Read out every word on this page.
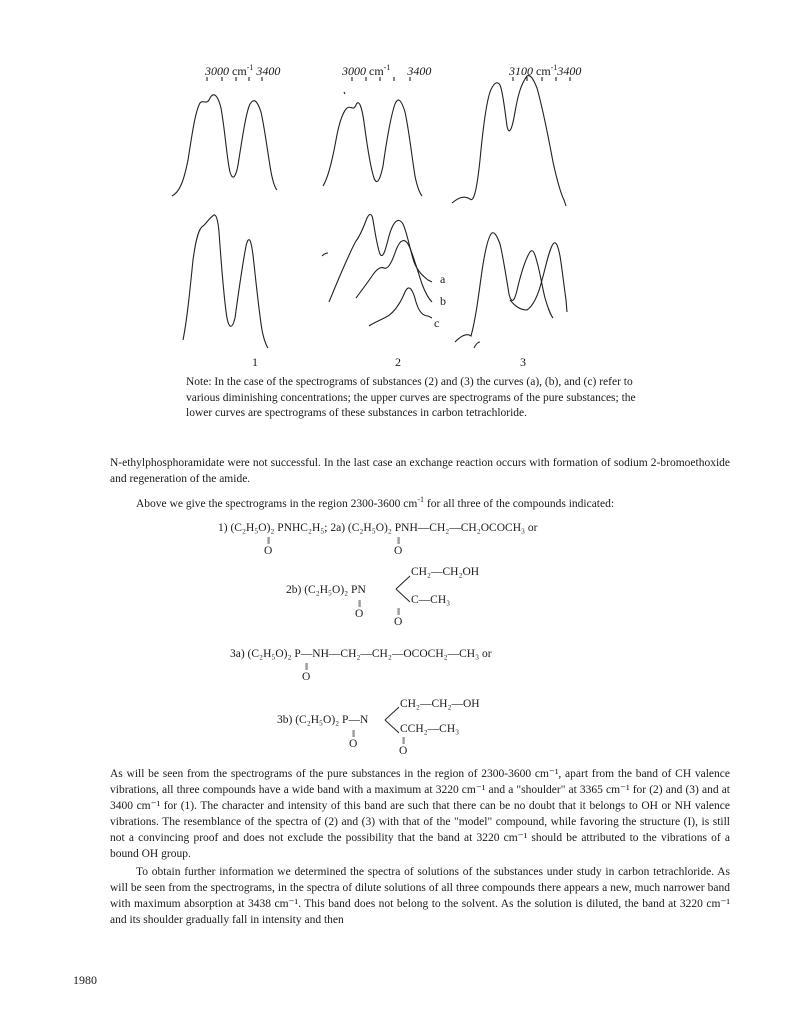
3000 $cm^{-1}$ 3400	3000 $cm^{-1}$ 3400	3100 $cm^{-1}3400$
a
b
c
1	2	3
Note: In the case of the spectrograms of substances (2) and (3) the curves (a), (b), and (c) refer to various diminishing concentrations; the upper curves are spectrograms of the pure substances; the lower curves are spectrograms of these substances in carbon tetrachloride.
N-ethylphosphoramidate were not successful. In the last case an exchange reaction occurs with formation of sodium 2-bromoethoxide and regeneration of the amide.
Above we give the spectrograms in the region 2300-3600 $cm^{-1}$ for all three of the compounds indicated:
1) (C₂H₅O)₂ PNHC₂H₅; 2a) (C₂H₅O)₂ PNH—CH₂—CH₂OCOCH₃ or
‖
O
‖
O
2b) (C₂H₅O)₂ PN
CH₂—CH₂OH
C—CH₃
‖
O	‖
O
3a) (C₂H₅O)₂ P—NH—CH₂—CH₂—OCOCH₂—CH₃ or
‖
O
3b) (C₂H₅O)₂ P—N
CH₂—CH₂—OH
CCH₂—CH₃
‖
O	‖
O
As will be seen from the spectrograms of the pure substances in the region of 2300-3600 cm⁻¹, apart from the band of CH valence vibrations, all three compounds have a wide band with a maximum at 3220 cm⁻¹ and a "shoulder" at 3365 cm⁻¹ for (2) and (3) and at 3400 cm⁻¹ for (1). The character and intensity of this band are such that there can be no doubt that it belongs to OH or NH valence vibrations. The resemblance of the spectra of (2) and (3) with that of the "model" compound, while favoring the structure (I), is still not a convincing proof and does not exclude the possibility that the band at 3220 cm⁻¹ should be attributed to the vibrations of a bound OH group.
To obtain further information we determined the spectra of solutions of the substances under study in carbon tetrachloride. As will be seen from the spectrograms, in the spectra of dilute solutions of all three compounds there appears a new, much narrower band with maximum absorption at 3438 cm⁻¹. This band does not belong to the solvent. As the solution is diluted, the band at 3220 cm⁻¹ and its shoulder gradually fall in intensity and then
1980
